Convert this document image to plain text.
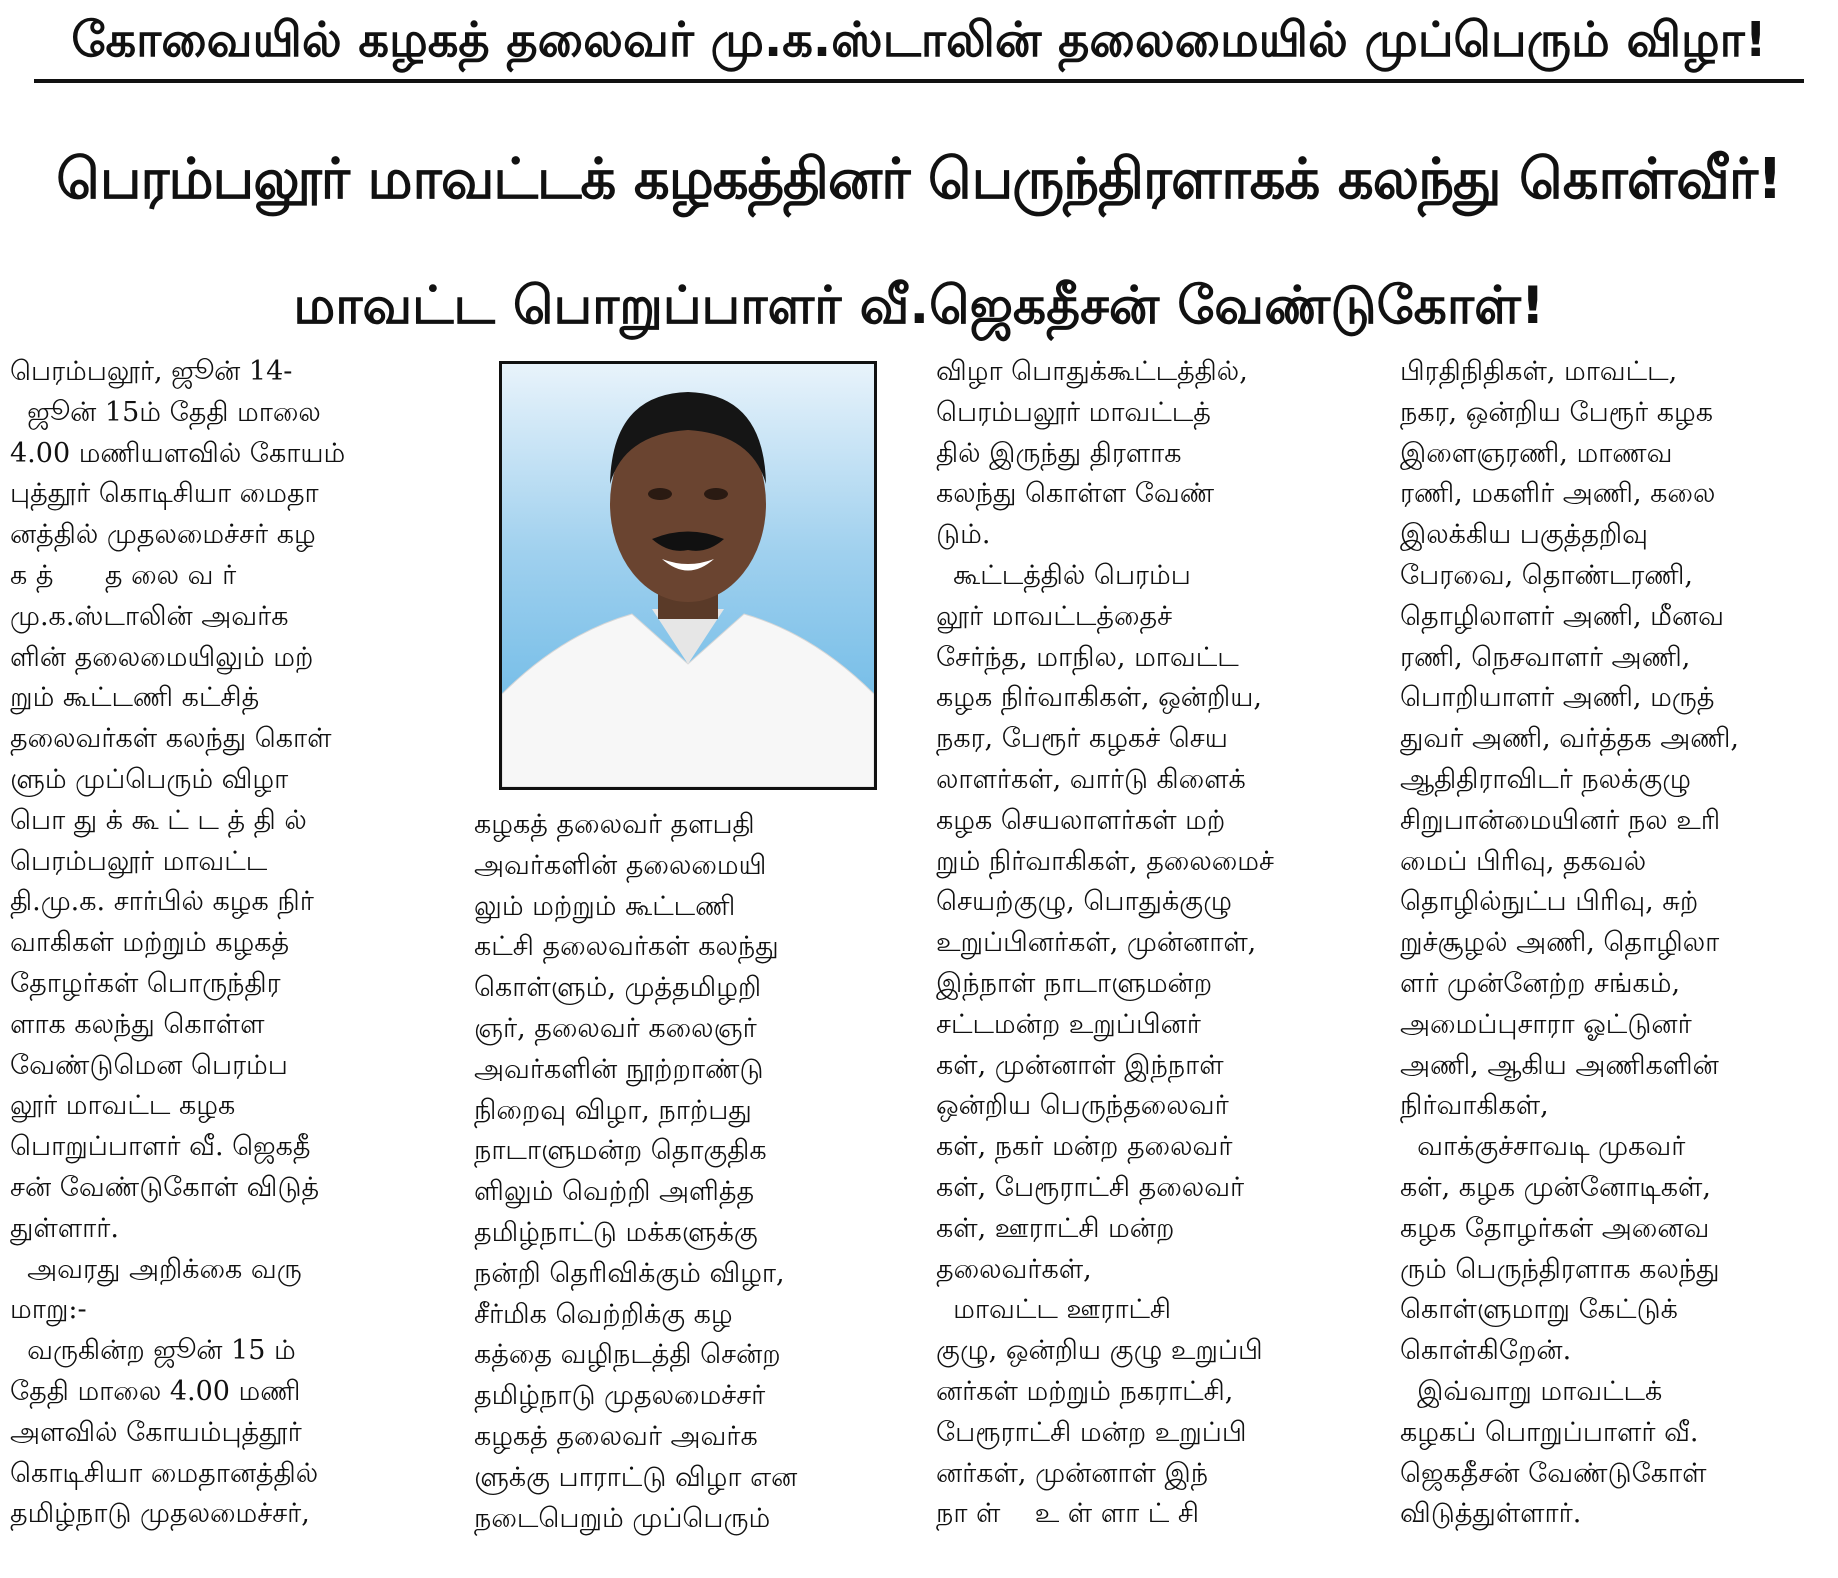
கோவையில் கழகத் தலைவர் மு.க.ஸ்டாலின் தலைமையில் முப்பெரும் விழா!
பெரம்பலூர் மாவட்டக் கழகத்தினர் பெருந்திரளாகக் கலந்து கொள்வீர்!
மாவட்ட பொறுப்பாளர் வீ.ஜெகதீசன் வேண்டுகோள்!
பெரம்பலூர், ஜூன் 14-
ஜூன் 15ம் தேதி மாலை
4.00 மணியளவில் கோயம்
புத்தூர் கொடிசியா மைதா
னத்தில் முதலமைச்சர் கழ
க த்      த லை வ ர்
மு.க.ஸ்டாலின் அவர்க
ளின் தலைமையிலும் மற்
றும் கூட்டணி கட்சித்
தலைவர்கள் கலந்து கொள்
ளும் முப்பெரும் விழா
பொ து க் கூ ட் ட த் தி ல்
பெரம்பலூர் மாவட்ட
தி.மு.க. சார்பில் கழக நிர்
வாகிகள் மற்றும் கழகத்
தோழர்கள் பொருந்திர
ளாக கலந்து கொள்ள
வேண்டுமென பெரம்ப
லூர் மாவட்ட கழக
பொறுப்பாளர் வீ. ஜெகதீ
சன் வேண்டுகோள் விடுத்
துள்ளார்.
அவரது அறிக்கை வரு
மாறு:-
வருகின்ற ஜூன் 15 ம்
தேதி மாலை 4.00 மணி
அளவில் கோயம்புத்தூர்
கொடிசியா மைதானத்தில்
தமிழ்நாடு முதலமைச்சர்,
கழகத் தலைவர் தளபதி
அவர்களின் தலைமையி
லும் மற்றும் கூட்டணி
கட்சி தலைவர்கள் கலந்து
கொள்ளும், முத்தமிழறி
ஞர், தலைவர் கலைஞர்
அவர்களின் நூற்றாண்டு
நிறைவு விழா, நாற்பது
நாடாளுமன்ற தொகுதிக
ளிலும் வெற்றி அளித்த
தமிழ்நாட்டு மக்களுக்கு
நன்றி தெரிவிக்கும் விழா,
சீர்மிக வெற்றிக்கு கழ
கத்தை வழிநடத்தி சென்ற
தமிழ்நாடு முதலமைச்சர்
கழகத் தலைவர் அவர்க
ளுக்கு பாராட்டு விழா என
நடைபெறும் முப்பெரும்
விழா பொதுக்கூட்டத்தில்,
பெரம்பலூர் மாவட்டத்
தில் இருந்து திரளாக
கலந்து கொள்ள வேண்
டும்.
கூட்டத்தில் பெரம்ப
லூர் மாவட்டத்தைச்
சேர்ந்த, மாநில, மாவட்ட
கழக நிர்வாகிகள், ஒன்றிய,
நகர, பேரூர் கழகச் செய
லாளர்கள், வார்டு கிளைக்
கழக செயலாளர்கள் மற்
றும் நிர்வாகிகள், தலைமைச்
செயற்குழு, பொதுக்குழு
உறுப்பினர்கள், முன்னாள்,
இந்நாள் நாடாளுமன்ற
சட்டமன்ற உறுப்பினர்
கள், முன்னாள் இந்நாள்
ஒன்றிய பெருந்தலைவர்
கள், நகர் மன்ற தலைவர்
கள், பேரூராட்சி தலைவர்
கள், ஊராட்சி மன்ற
தலைவர்கள்,
மாவட்ட ஊராட்சி
குழு, ஒன்றிய குழு உறுப்பி
னர்கள் மற்றும் நகராட்சி,
பேரூராட்சி மன்ற உறுப்பி
னர்கள், முன்னாள் இந்
நா ள்    உ ள் ளா ட் சி
பிரதிநிதிகள், மாவட்ட,
நகர, ஒன்றிய பேரூர் கழக
இளைஞரணி, மாணவ
ரணி, மகளிர் அணி, கலை
இலக்கிய பகுத்தறிவு
பேரவை, தொண்டரணி,
தொழிலாளர் அணி, மீனவ
ரணி, நெசவாளர் அணி,
பொறியாளர் அணி, மருத்
துவர் அணி, வர்த்தக அணி,
ஆதிதிராவிடர் நலக்குழு
சிறுபான்மையினர் நல உரி
மைப் பிரிவு, தகவல்
தொழில்நுட்ப பிரிவு, சுற்
றுச்சூழல் அணி, தொழிலா
ளர் முன்னேற்ற சங்கம்,
அமைப்புசாரா ஓட்டுனர்
அணி, ஆகிய அணிகளின்
நிர்வாகிகள்,
வாக்குச்சாவடி முகவர்
கள், கழக முன்னோடிகள்,
கழக தோழர்கள் அனைவ
ரும் பெருந்திரளாக கலந்து
கொள்ளுமாறு கேட்டுக்
கொள்கிறேன்.
இவ்வாறு மாவட்டக்
கழகப் பொறுப்பாளர் வீ.
ஜெகதீசன் வேண்டுகோள்
விடுத்துள்ளார்.
